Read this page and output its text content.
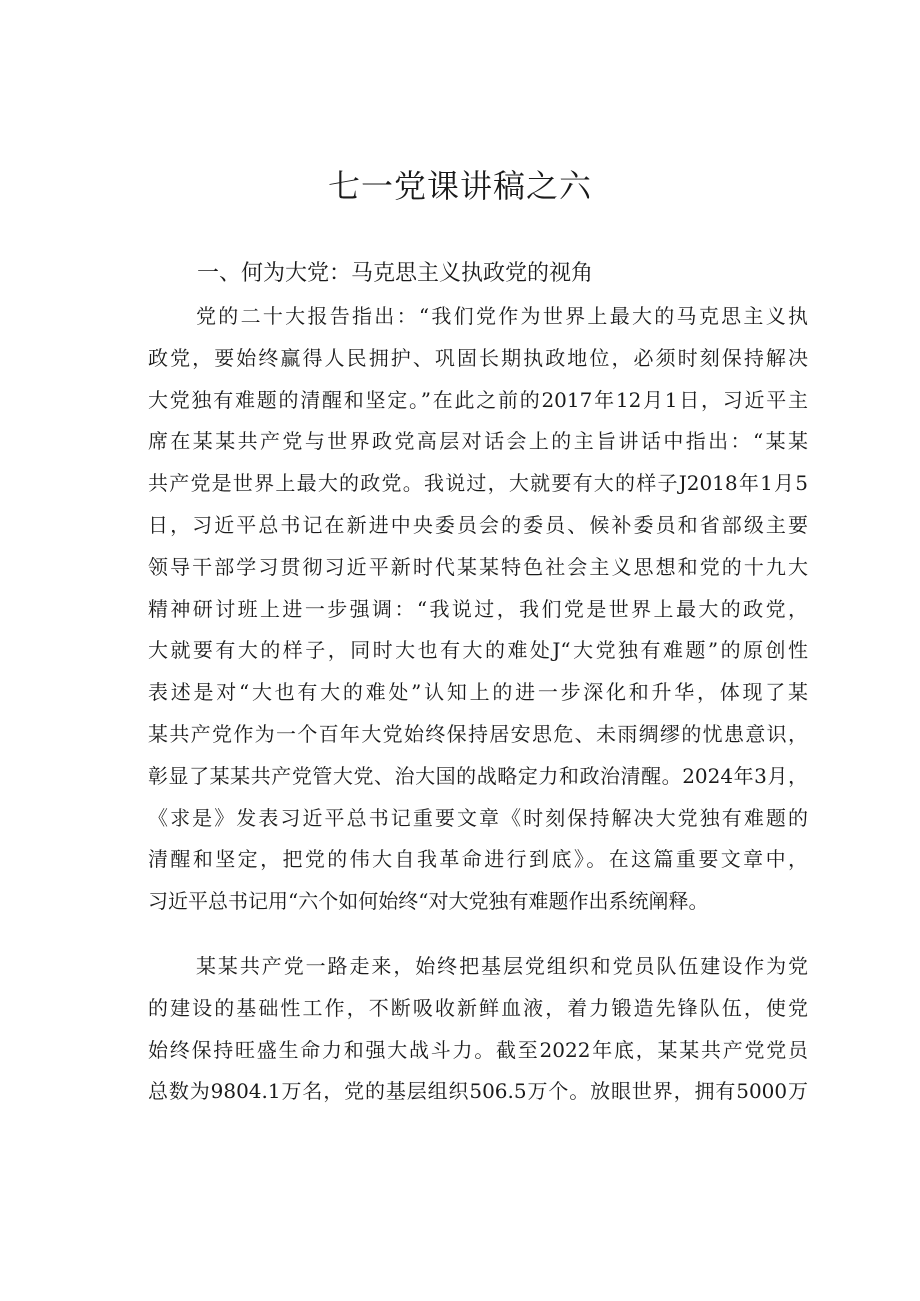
七一党课讲稿之六
一、何为大党：马克思主义执政党的视角
党的二十大报告指出：“我们党作为世界上最大的马克思主义执
政党，要始终赢得人民拥护、巩固长期执政地位，必须时刻保持解决
大党独有难题的清醒和坚定。”在此之前的2017年12月1日，习近平主
席在某某共产党与世界政党高层对话会上的主旨讲话中指出：“某某
共产党是世界上最大的政党。我说过，大就要有大的样子J2018年1月5
日，习近平总书记在新进中央委员会的委员、候补委员和省部级主要
领导干部学习贯彻习近平新时代某某特色社会主义思想和党的十九大
精神研讨班上进一步强调：“我说过，我们党是世界上最大的政党，
大就要有大的样子，同时大也有大的难处J“大党独有难题”的原创性
表述是对“大也有大的难处”认知上的进一步深化和升华，体现了某
某共产党作为一个百年大党始终保持居安思危、未雨绸缪的忧患意识，
彰显了某某共产党管大党、治大国的战略定力和政治清醒。2024年3月，
《求是》发表习近平总书记重要文章《时刻保持解决大党独有难题的
清醒和坚定，把党的伟大自我革命进行到底》。在这篇重要文章中，
习近平总书记用“六个如何始终“对大党独有难题作出系统阐释。
某某共产党一路走来，始终把基层党组织和党员队伍建设作为党
的建设的基础性工作，不断吸收新鲜血液，着力锻造先锋队伍，使党
始终保持旺盛生命力和强大战斗力。截至2022年底，某某共产党党员
总数为9804.1万名，党的基层组织506.5万个。放眼世界，拥有5000万
